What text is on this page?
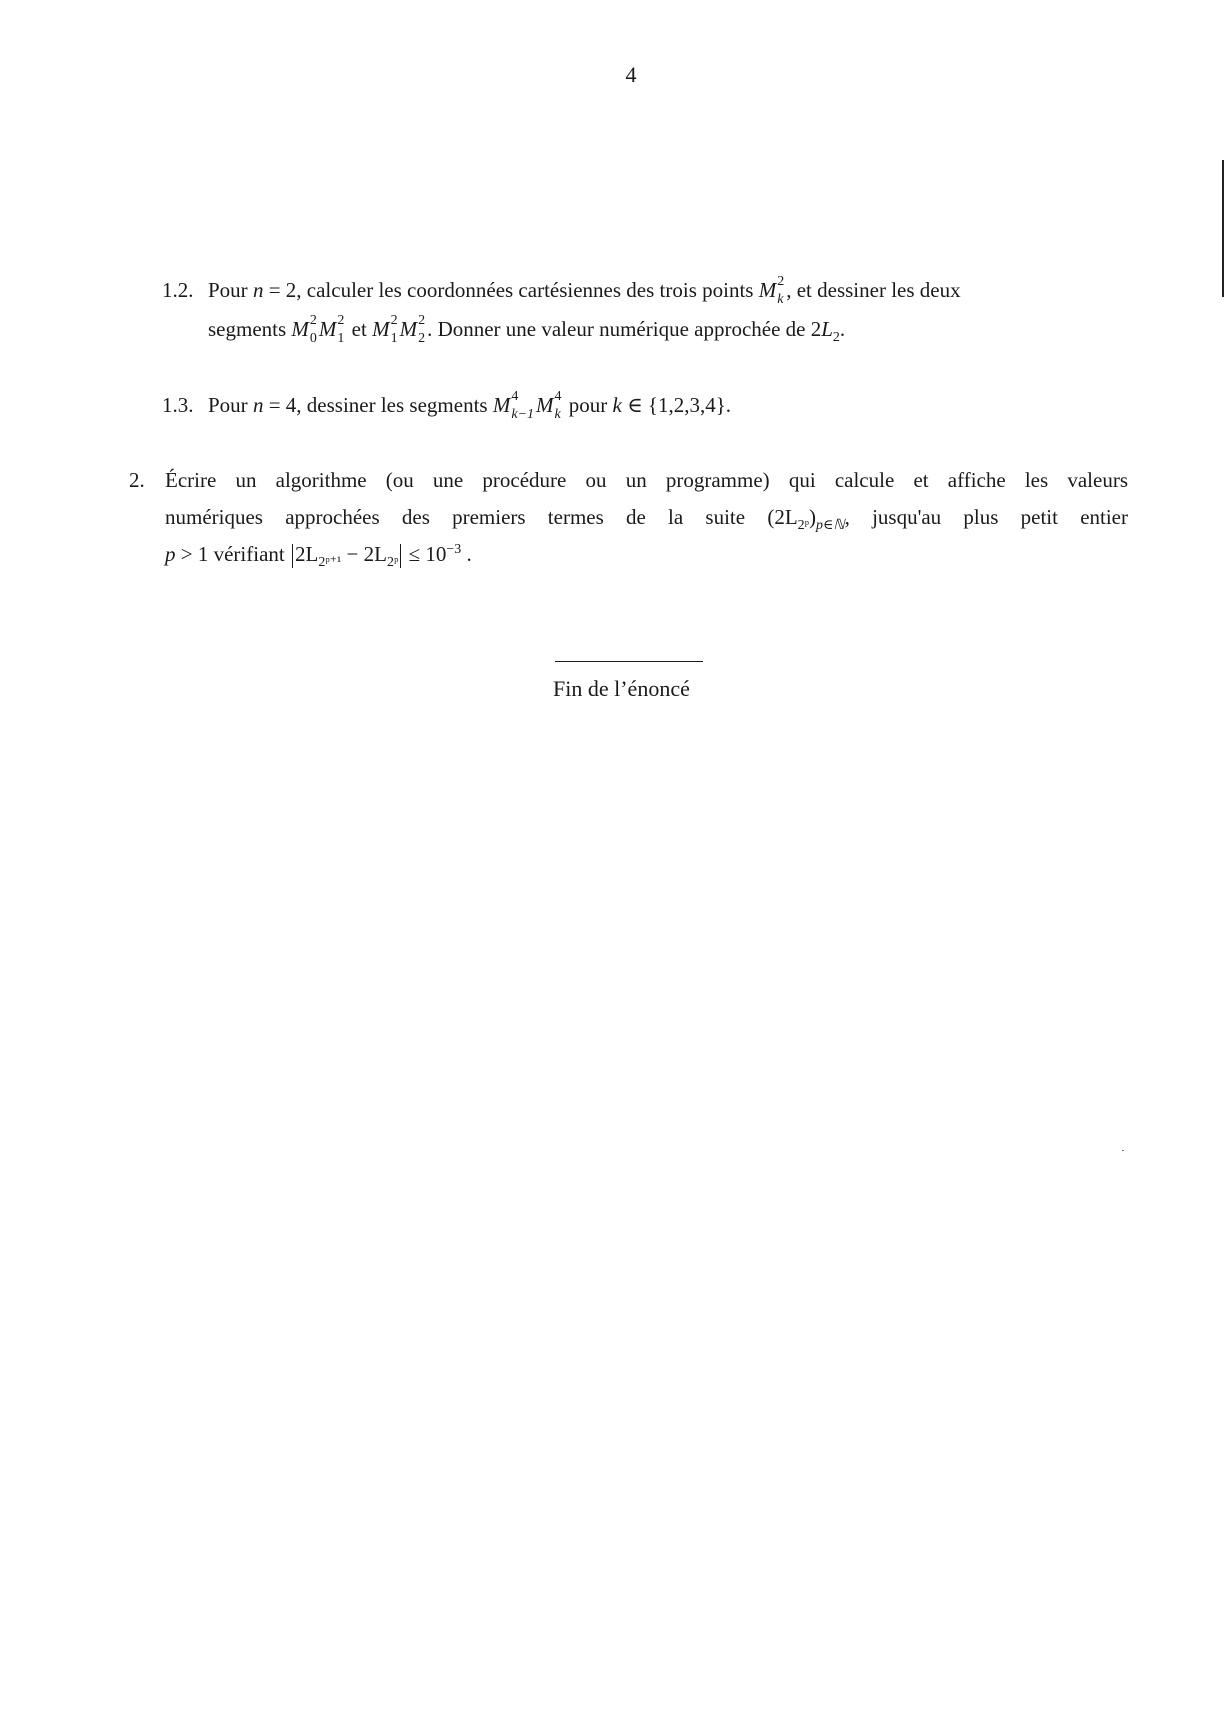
4
1.2. Pour n = 2, calculer les coordonnées cartésiennes des trois points M 2
k , et dessiner les deux
segments M 2
0 M 2
1 et M 2
1 M 2
2 . Donner une valeur numérique approchée de $2L_2$.
1.3. Pour n = 4, dessiner les segments M 4
k−1 M 4
k pour k ∈ {1,2,3,4}.
2. Écrire un algorithme (ou une procédure ou un programme) qui calcule et affiche les valeurs
numériques approchées des premiers termes de la suite $(2L_{2ᵖ})_{p\in ℕ}$, jusqu'au plus petit entier
p > 1 vérifiant $2L_{2ᵖ^{+1}} - 2L_{2ᵖ} \le 10^{-3}$ .
Fin de l’énoncé
